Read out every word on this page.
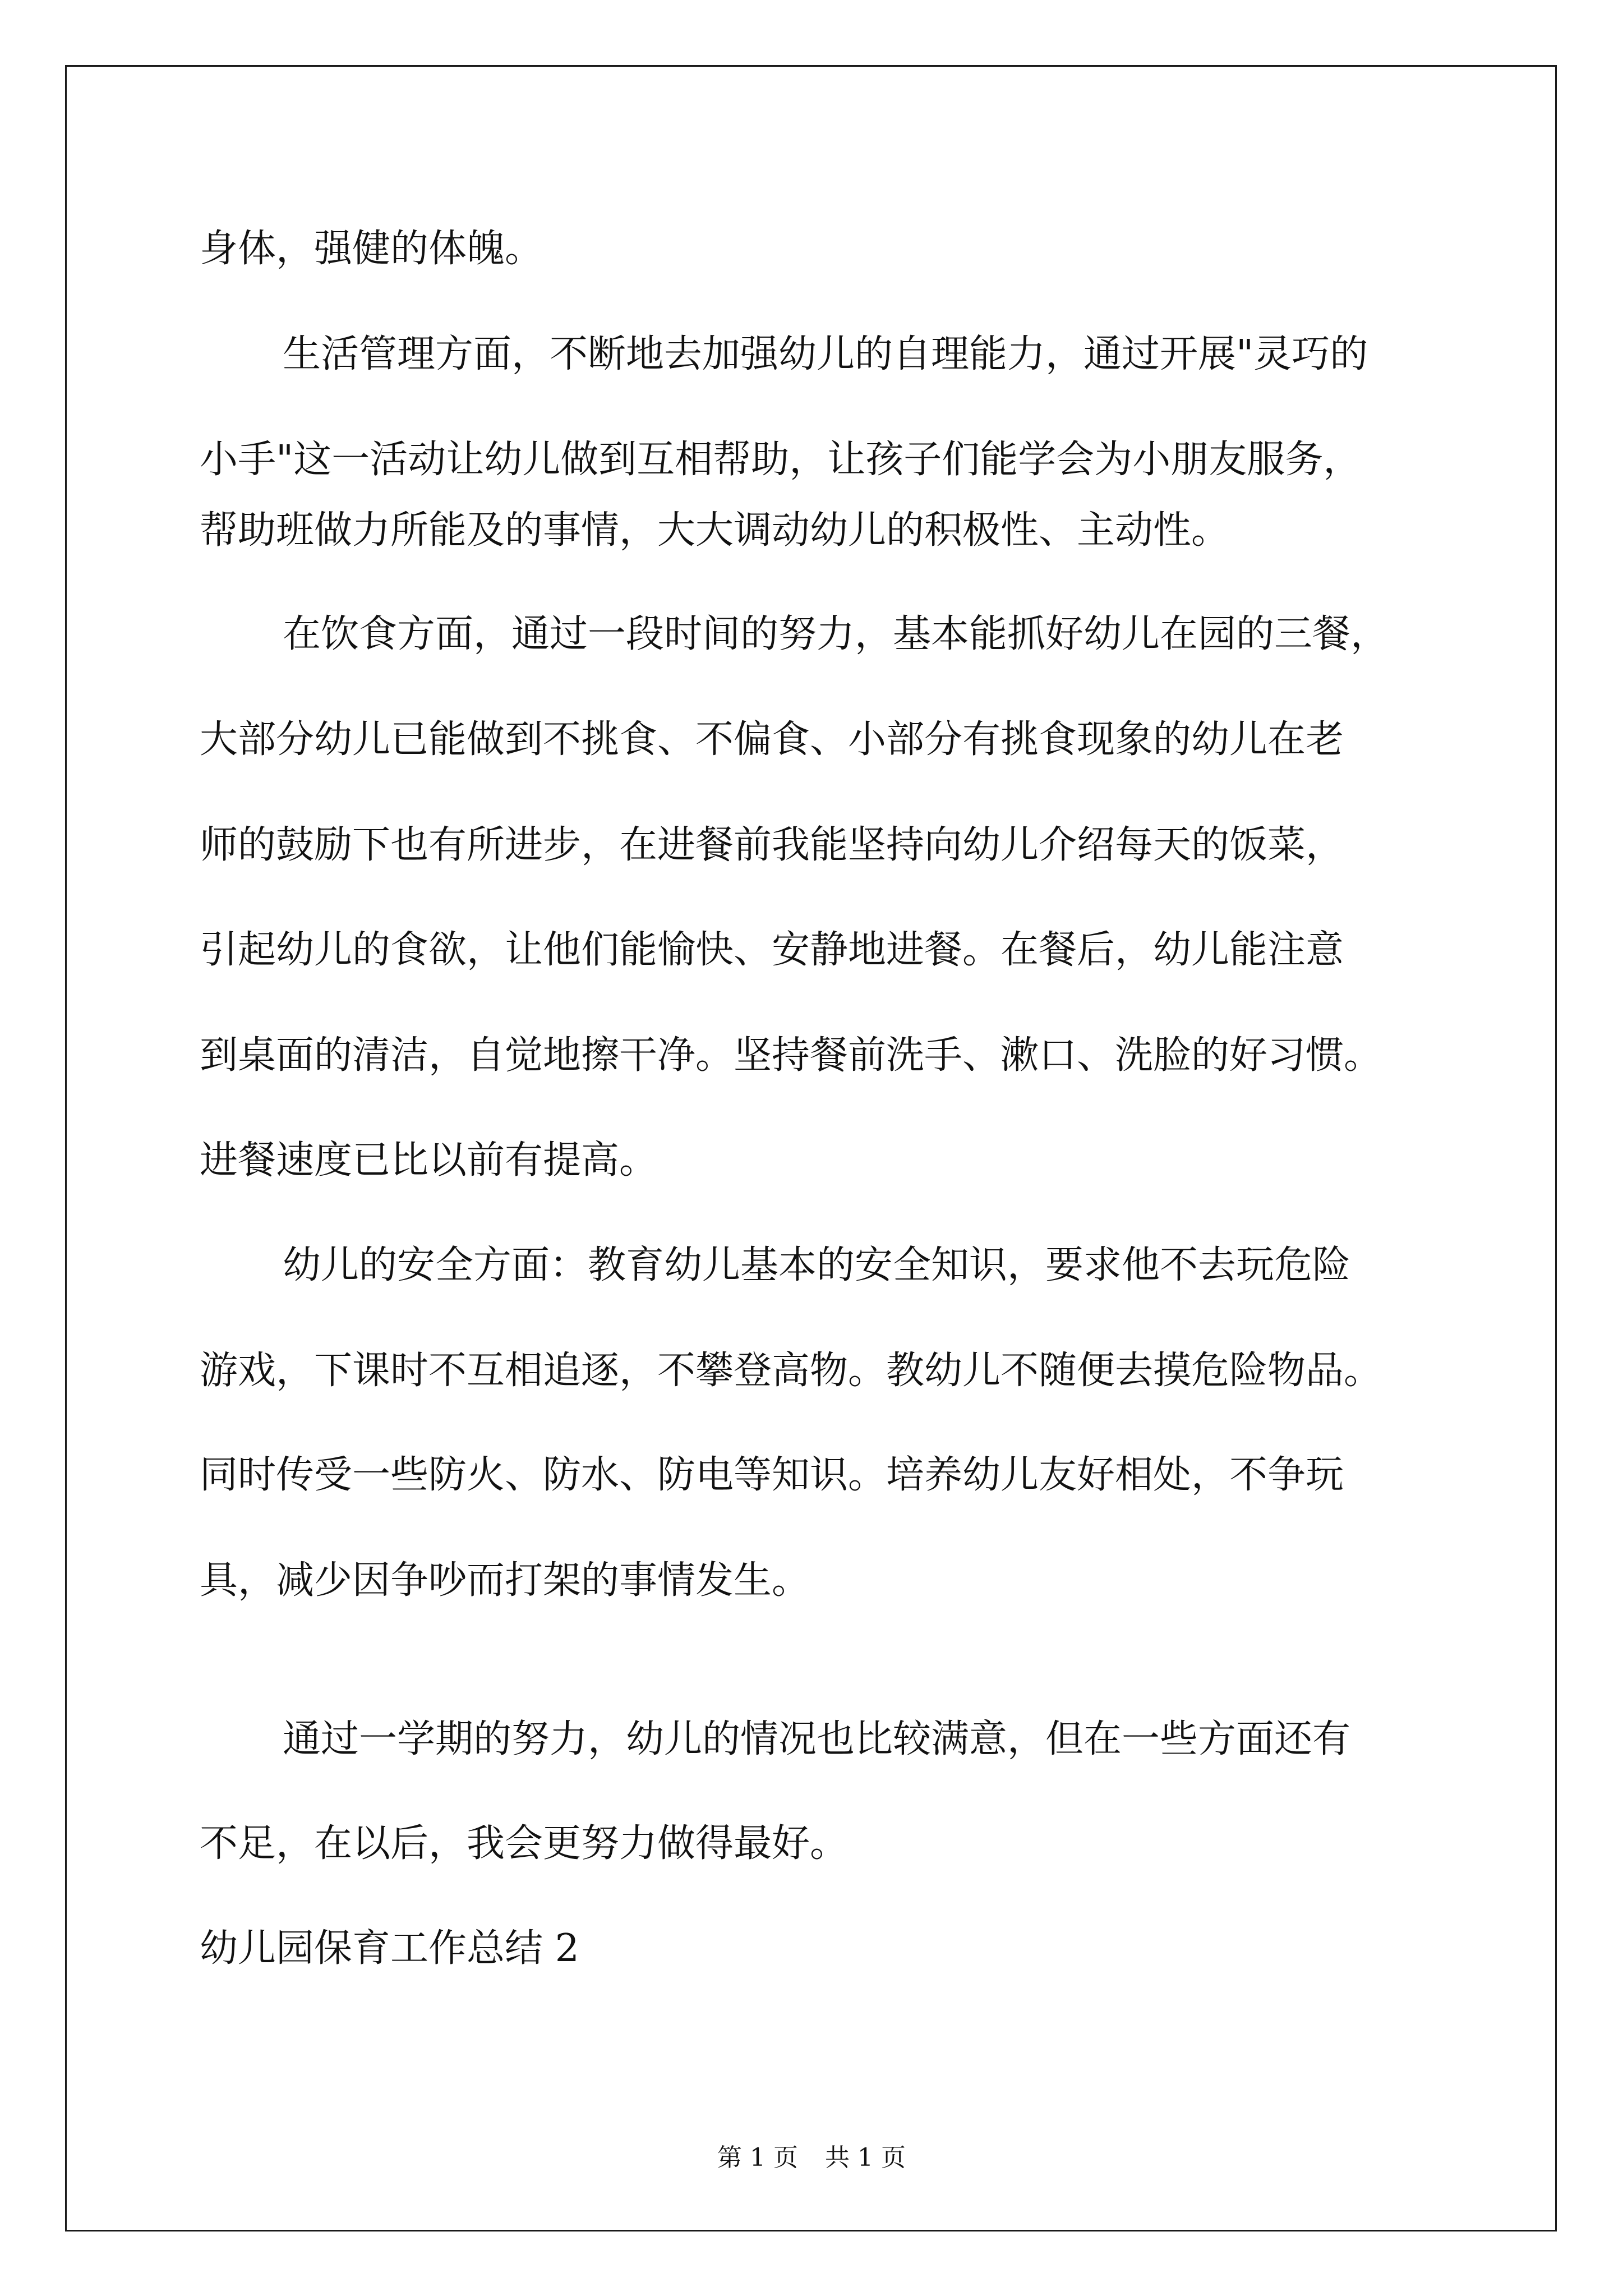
身体，强健的体魄。
生活管理方面，不断地去加强幼儿的自理能力，通过开展"灵巧的
小手"这一活动让幼儿做到互相帮助，让孩子们能学会为小朋友服务，
帮助班做力所能及的事情，大大调动幼儿的积极性、主动性。
在饮食方面，通过一段时间的努力，基本能抓好幼儿在园的三餐，
大部分幼儿已能做到不挑食、不偏食、小部分有挑食现象的幼儿在老
师的鼓励下也有所进步，在进餐前我能坚持向幼儿介绍每天的饭菜，
引起幼儿的食欲，让他们能愉快、安静地进餐。在餐后，幼儿能注意
到桌面的清洁，自觉地擦干净。坚持餐前洗手、漱口、洗脸的好习惯。
进餐速度已比以前有提高。
幼儿的安全方面：教育幼儿基本的安全知识，要求他不去玩危险
游戏，下课时不互相追逐，不攀登高物。教幼儿不随便去摸危险物品。
同时传受一些防火、防水、防电等知识。培养幼儿友好相处，不争玩
具，减少因争吵而打架的事情发生。
通过一学期的努力，幼儿的情况也比较满意，但在一些方面还有
不足，在以后，我会更努力做得最好。
幼儿园保育工作总结 2
第 1 页 共 1 页
